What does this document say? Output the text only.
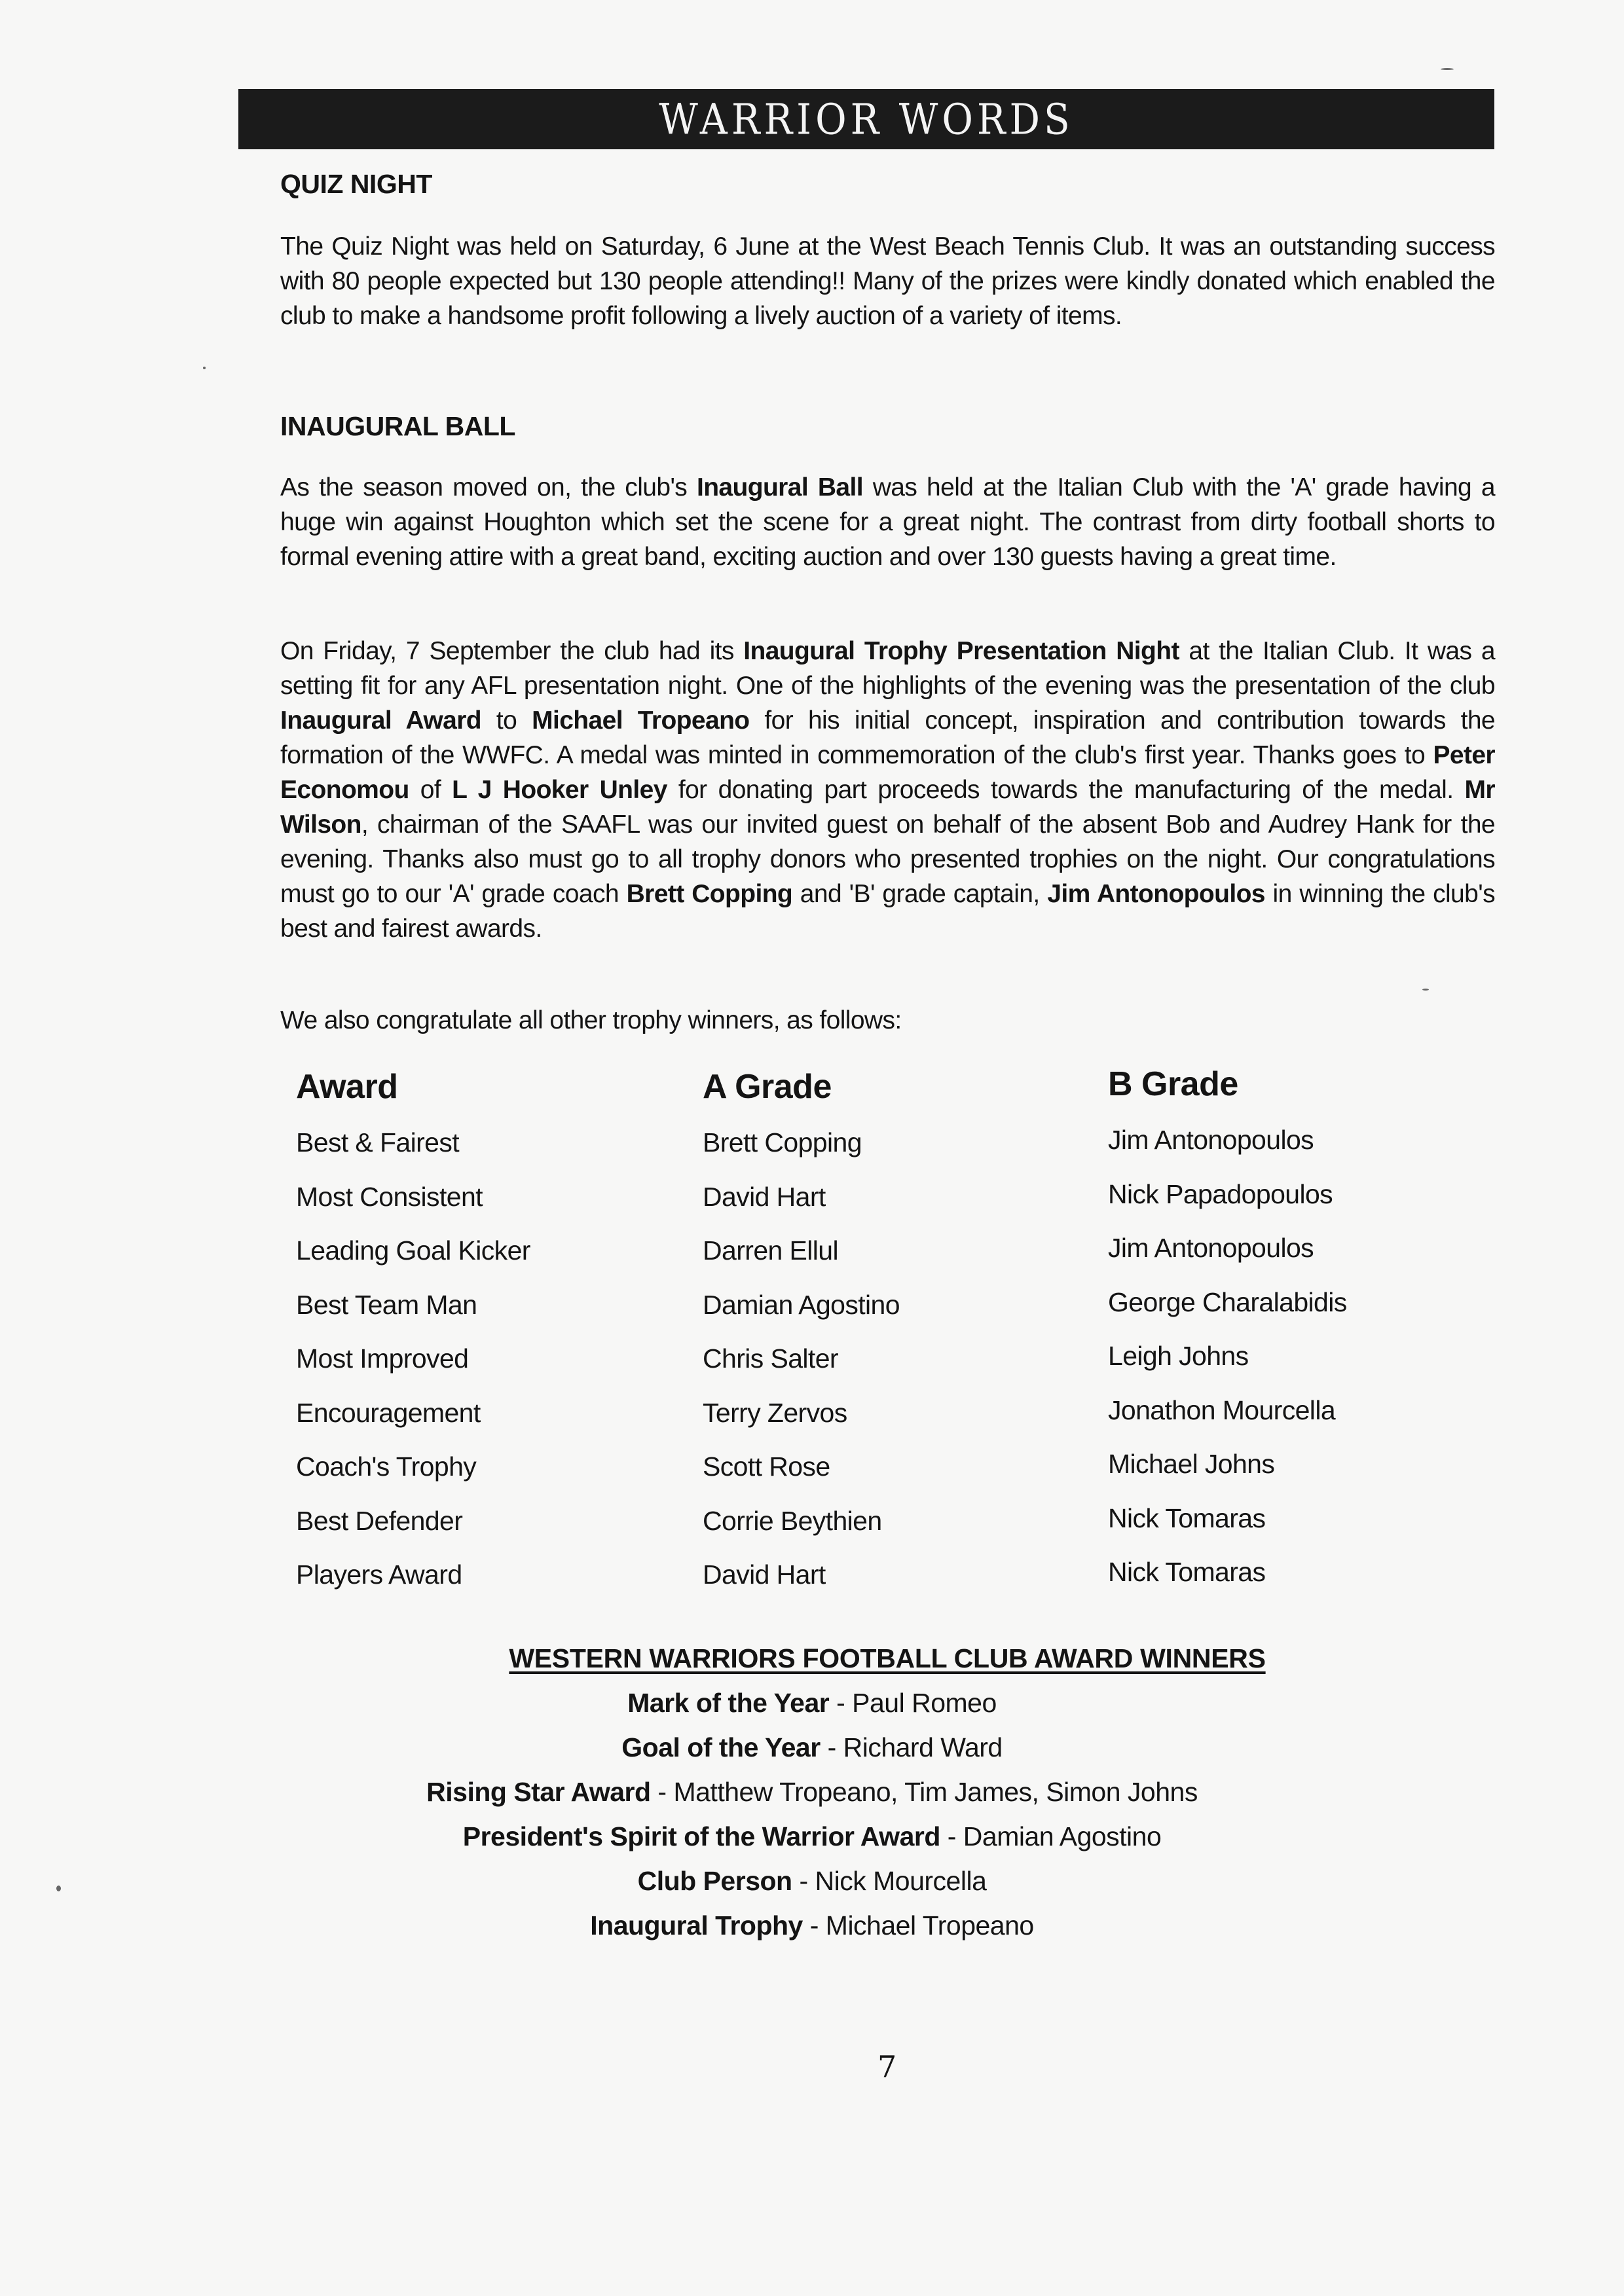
WARRIOR WORDS
QUIZ NIGHT

The Quiz Night was held on Saturday, 6 June at the West Beach Tennis Club. It was an outstanding success with 80 people expected but 130 people attending!! Many of the prizes were kindly donated which enabled the club to make a handsome profit following a lively auction of a variety of items.

INAUGURAL BALL

As the season moved on, the club's Inaugural Ball was held at the Italian Club with the 'A' grade having a huge win against Houghton which set the scene for a great night. The contrast from dirty football shorts to formal evening attire with a great band, exciting auction and over 130 guests having a great time.

On Friday, 7 September the club had its Inaugural Trophy Presentation Night at the Italian Club. It was a setting fit for any AFL presentation night. One of the highlights of the evening was the presentation of the club Inaugural Award to Michael Tropeano for his initial concept, inspiration and contribution towards the formation of the WWFC. A medal was minted in commemoration of the club's first year. Thanks goes to Peter Economou of L J Hooker Unley for donating part proceeds towards the manufacturing of the medal. Mr Wilson, chairman of the SAAFL was our invited guest on behalf of the absent Bob and Audrey Hank for the evening. Thanks also must go to all trophy donors who presented trophies on the night. Our congratulations must go to our 'A' grade coach Brett Copping and 'B' grade captain, Jim Antonopoulos in winning the club's best and fairest awards.

We also congratulate all other trophy winners, as follows:

Award
Best & Fairest
Most Consistent
Leading Goal Kicker
Best Team Man
Most Improved
Encouragement
Coach's Trophy
Best Defender
Players Award
A Grade
Brett Copping
David Hart
Darren Ellul
Damian Agostino
Chris Salter
Terry Zervos
Scott Rose
Corrie Beythien
David Hart
B Grade
Jim Antonopoulos
Nick Papadopoulos
Jim Antonopoulos
George Charalabidis
Leigh Johns
Jonathon Mourcella
Michael Johns
Nick Tomaras
Nick Tomaras
WESTERN WARRIORS FOOTBALL CLUB AWARD WINNERS
Mark of the Year - Paul Romeo
Goal of the Year - Richard Ward
Rising Star Award - Matthew Tropeano, Tim James, Simon Johns
President's Spirit of the Warrior Award - Damian Agostino
Club Person - Nick Mourcella
Inaugural Trophy - Michael Tropeano
7
